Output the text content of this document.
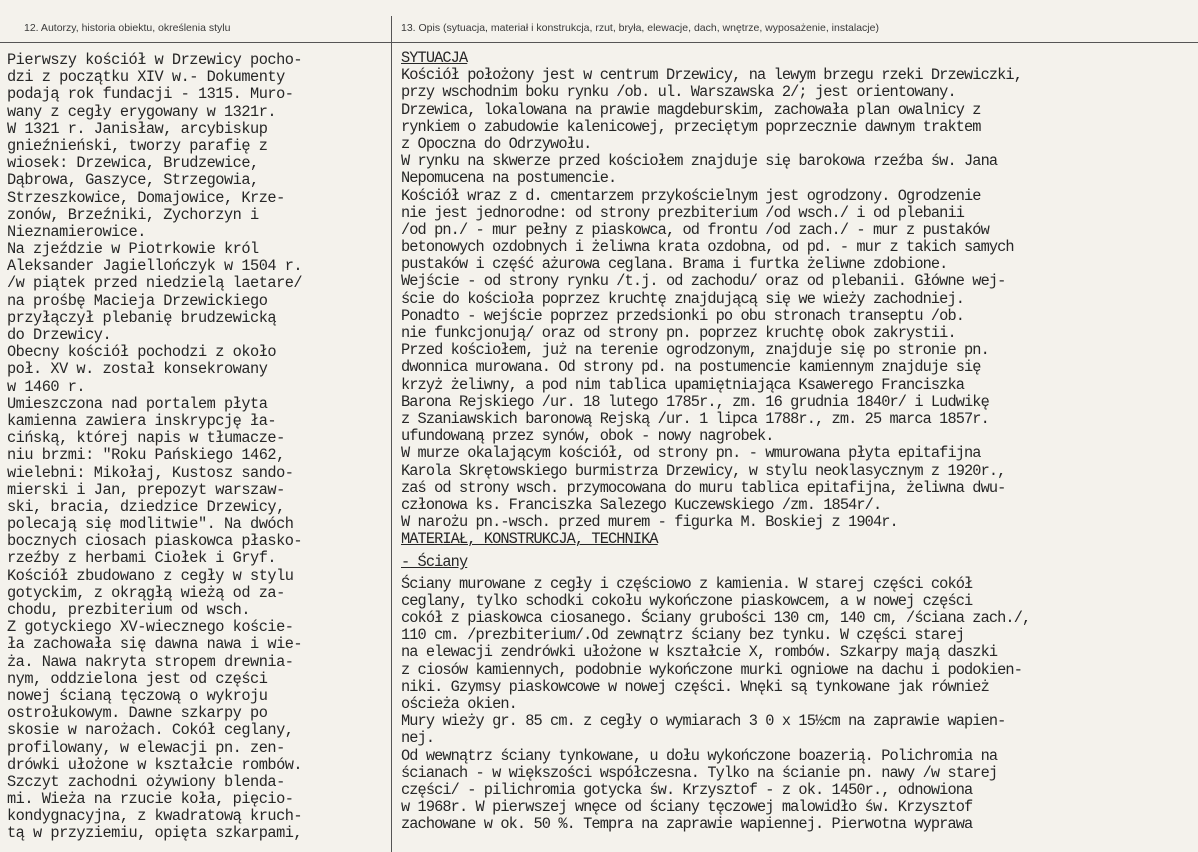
12. Autorzy, historia obiektu, określenia stylu	13. Opis (sytuacja, materiał i konstrukcja, rzut, bryła, elewacje, dach, wnętrze, wyposażenie, instalacje)
Pierwszy kościół w Drzewicy pocho-
dzi z początku XIV w.- Dokumenty
podają rok fundacji - 1315. Muro-
wany z cegły erygowany w 1321r.
W 1321 r. Janisław, arcybiskup
gnieźnieński, tworzy parafię z
wiosek: Drzewica, Brudzewice,
Dąbrowa, Gaszyce, Strzegowia,
Strzeszkowice, Domajowice, Krze-
zonów, Brzeźniki, Zychorzyn i
Nieznamierowice.
Na zjeździe w Piotrkowie król
Aleksander Jagiellończyk w 1504 r.
/w piątek przed niedzielą laetare/
na prośbę Macieja Drzewickiego
przyłączył plebanię brudzewicką
do Drzewicy.
Obecny kościół pochodzi z około
poł. XV w. został konsekrowany
w 1460 r.
Umieszczona nad portalem płyta
kamienna zawiera inskrypcję ła-
cińską, której napis w tłumacze-
niu brzmi: "Roku Pańskiego 1462,
wielebni: Mikołaj, Kustosz sando-
mierski i Jan, prepozyt warszaw-
ski, bracia, dziedzice Drzewicy,
polecają się modlitwie". Na dwóch
bocznych ciosach piaskowca płasko-
rzeźby z herbami Ciołek i Gryf.
Kościół zbudowano z cegły w stylu
gotyckim, z okrągłą wieżą od za-
chodu, prezbiterium od wsch.
Z gotyckiego XV-wiecznego koście-
ła zachowała się dawna nawa i wie-
ża. Nawa nakryta stropem drewnia-
nym, oddzielona jest od części
nowej ścianą tęczową o wykroju
ostrołukowym. Dawne szkarpy po
skosie w narożach. Cokół ceglany,
profilowany, w elewacji pn. zen-
drówki ułożone w kształcie rombów.
Szczyt zachodni ożywiony blenda-
mi. Wieża na rzucie koła, pięcio-
kondygnacyjna, z kwadratową kruch-
tą w przyziemiu, opięta szkarpami,
SYTUACJA
Kościół położony jest w centrum Drzewicy, na lewym brzegu rzeki Drzewiczki,
przy wschodnim boku rynku /ob. ul. Warszawska 2/; jest orientowany.
Drzewica, lokalowana na prawie magdeburskim, zachowała plan owalnicy z
rynkiem o zabudowie kalenicowej, przeciętym poprzecznie dawnym traktem
z Opoczna do Odrzywołu.
W rynku na skwerze przed kościołem znajduje się barokowa rzeźba św. Jana
Nepomucena na postumencie.
Kościół wraz z d. cmentarzem przykościelnym jest ogrodzony. Ogrodzenie
nie jest jednorodne: od strony prezbiterium /od wsch./ i od plebanii
/od pn./ - mur pełny z piaskowca, od frontu /od zach./ - mur z pustaków
betonowych ozdobnych i żeliwna krata ozdobna, od pd. - mur z takich samych
pustaków i część ażurowa ceglana. Brama i furtka żeliwne zdobione.
Wejście - od strony rynku /t.j. od zachodu/ oraz od plebanii. Główne wej-
ście do kościoła poprzez kruchtę znajdującą się we wieży zachodniej.
Ponadto - wejście poprzez przedsionki po obu stronach transeptu /ob.
nie funkcjonują/ oraz od strony pn. poprzez kruchtę obok zakrystii.
Przed kościołem, już na terenie ogrodzonym, znajduje się po stronie pn.
dwonnica murowana. Od strony pd. na postumencie kamiennym znajduje się
krzyż żeliwny, a pod nim tablica upamiętniająca Ksawerego Franciszka
Barona Rejskiego /ur. 18 lutego 1785r., zm. 16 grudnia 1840r/ i Ludwikę
z Szaniawskich baronową Rejską /ur. 1 lipca 1788r., zm. 25 marca 1857r.
ufundowaną przez synów, obok - nowy nagrobek.
W murze okalającym kościół, od strony pn. - wmurowana płyta epitafijna
Karola Skrętowskiego burmistrza Drzewicy, w stylu neoklasycznym z 1920r.,
zaś od strony wsch. przymocowana do muru tablica epitafijna, żeliwna dwu-
członowa ks. Franciszka Salezego Kuczewskiego /zm. 1854r/.
W narożu pn.-wsch. przed murem - figurka M. Boskiej z 1904r.
MATERIAŁ, KONSTRUKCJA, TECHNIKA
- Ściany
Ściany murowane z cegły i częściowo z kamienia. W starej części cokół
ceglany, tylko schodki cokołu wykończone piaskowcem, a w nowej części
cokół z piaskowca ciosanego. Ściany grubości 130 cm, 140 cm, /ściana zach./,
110 cm. /prezbiterium/.Od zewnątrz ściany bez tynku. W części starej
na elewacji zendrówki ułożone w kształcie X, rombów. Szkarpy mają daszki
z ciosów kamiennych, podobnie wykończone murki ogniowe na dachu i podokien-
niki. Gzymsy piaskowcowe w nowej części. Wnęki są tynkowane jak również
ościeża okien.
Mury wieży gr. 85 cm. z cegły o wymiarach 3 0 x 15½cm na zaprawie wapien-
nej.
Od wewnątrz ściany tynkowane, u dołu wykończone boazerią. Polichromia na
ścianach - w większości współczesna. Tylko na ścianie pn. nawy /w starej
części/ - pilichromia gotycka św. Krzysztof - z ok. 1450r., odnowiona
w 1968r. W pierwszej wnęce od ściany tęczowej malowidło św. Krzysztof
zachowane w ok. 50 %. Tempra na zaprawie wapiennej. Pierwotna wyprawa
